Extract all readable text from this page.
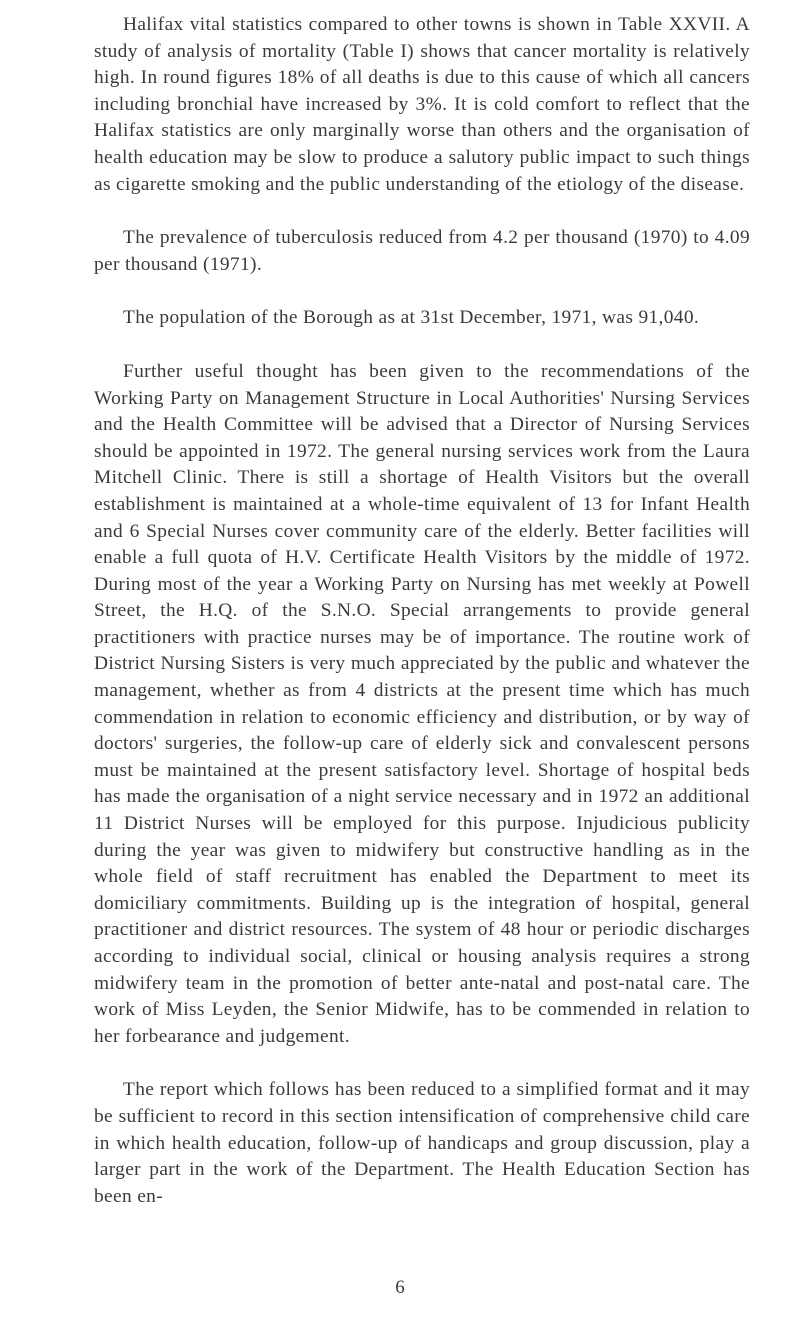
Halifax vital statistics compared to other towns is shown in Table XXVII. A study of analysis of mortality (Table I) shows that cancer mortality is relatively high. In round figures 18% of all deaths is due to this cause of which all cancers including bronchial have increased by 3%. It is cold comfort to reflect that the Halifax statistics are only marginally worse than others and the organisation of health education may be slow to produce a salutory public impact to such things as cigarette smoking and the public understanding of the etiology of the disease.

The prevalence of tuberculosis reduced from 4.2 per thousand (1970) to 4.09 per thousand (1971).

The population of the Borough as at 31st December, 1971, was 91,040.

Further useful thought has been given to the recommendations of the Working Party on Management Structure in Local Authorities' Nursing Services and the Health Committee will be advised that a Director of Nursing Services should be appointed in 1972. The general nursing services work from the Laura Mitchell Clinic. There is still a shortage of Health Visitors but the overall establishment is maintained at a whole-time equivalent of 13 for Infant Health and 6 Special Nurses cover community care of the elderly. Better facilities will enable a full quota of H.V. Certificate Health Visitors by the middle of 1972. During most of the year a Working Party on Nursing has met weekly at Powell Street, the H.Q. of the S.N.O. Special arrangements to provide general practitioners with practice nurses may be of importance. The routine work of District Nursing Sisters is very much appreciated by the public and whatever the management, whether as from 4 districts at the present time which has much commendation in relation to economic efficiency and distribution, or by way of doctors' surgeries, the follow-up care of elderly sick and convalescent persons must be maintained at the present satisfactory level. Shortage of hospital beds has made the organisation of a night service necessary and in 1972 an additional 11 District Nurses will be employed for this purpose. Injudicious publicity during the year was given to midwifery but constructive handling as in the whole field of staff recruitment has enabled the Department to meet its domiciliary commitments. Building up is the integration of hospital, general practitioner and district resources. The system of 48 hour or periodic discharges according to individual social, clinical or housing analysis requires a strong midwifery team in the promotion of better ante-natal and post-natal care. The work of Miss Leyden, the Senior Midwife, has to be commended in relation to her forbearance and judgement.

The report which follows has been reduced to a simplified format and it may be sufficient to record in this section intensification of comprehensive child care in which health education, follow-up of handicaps and group discussion, play a larger part in the work of the Department. The Health Education Section has been en-

6
